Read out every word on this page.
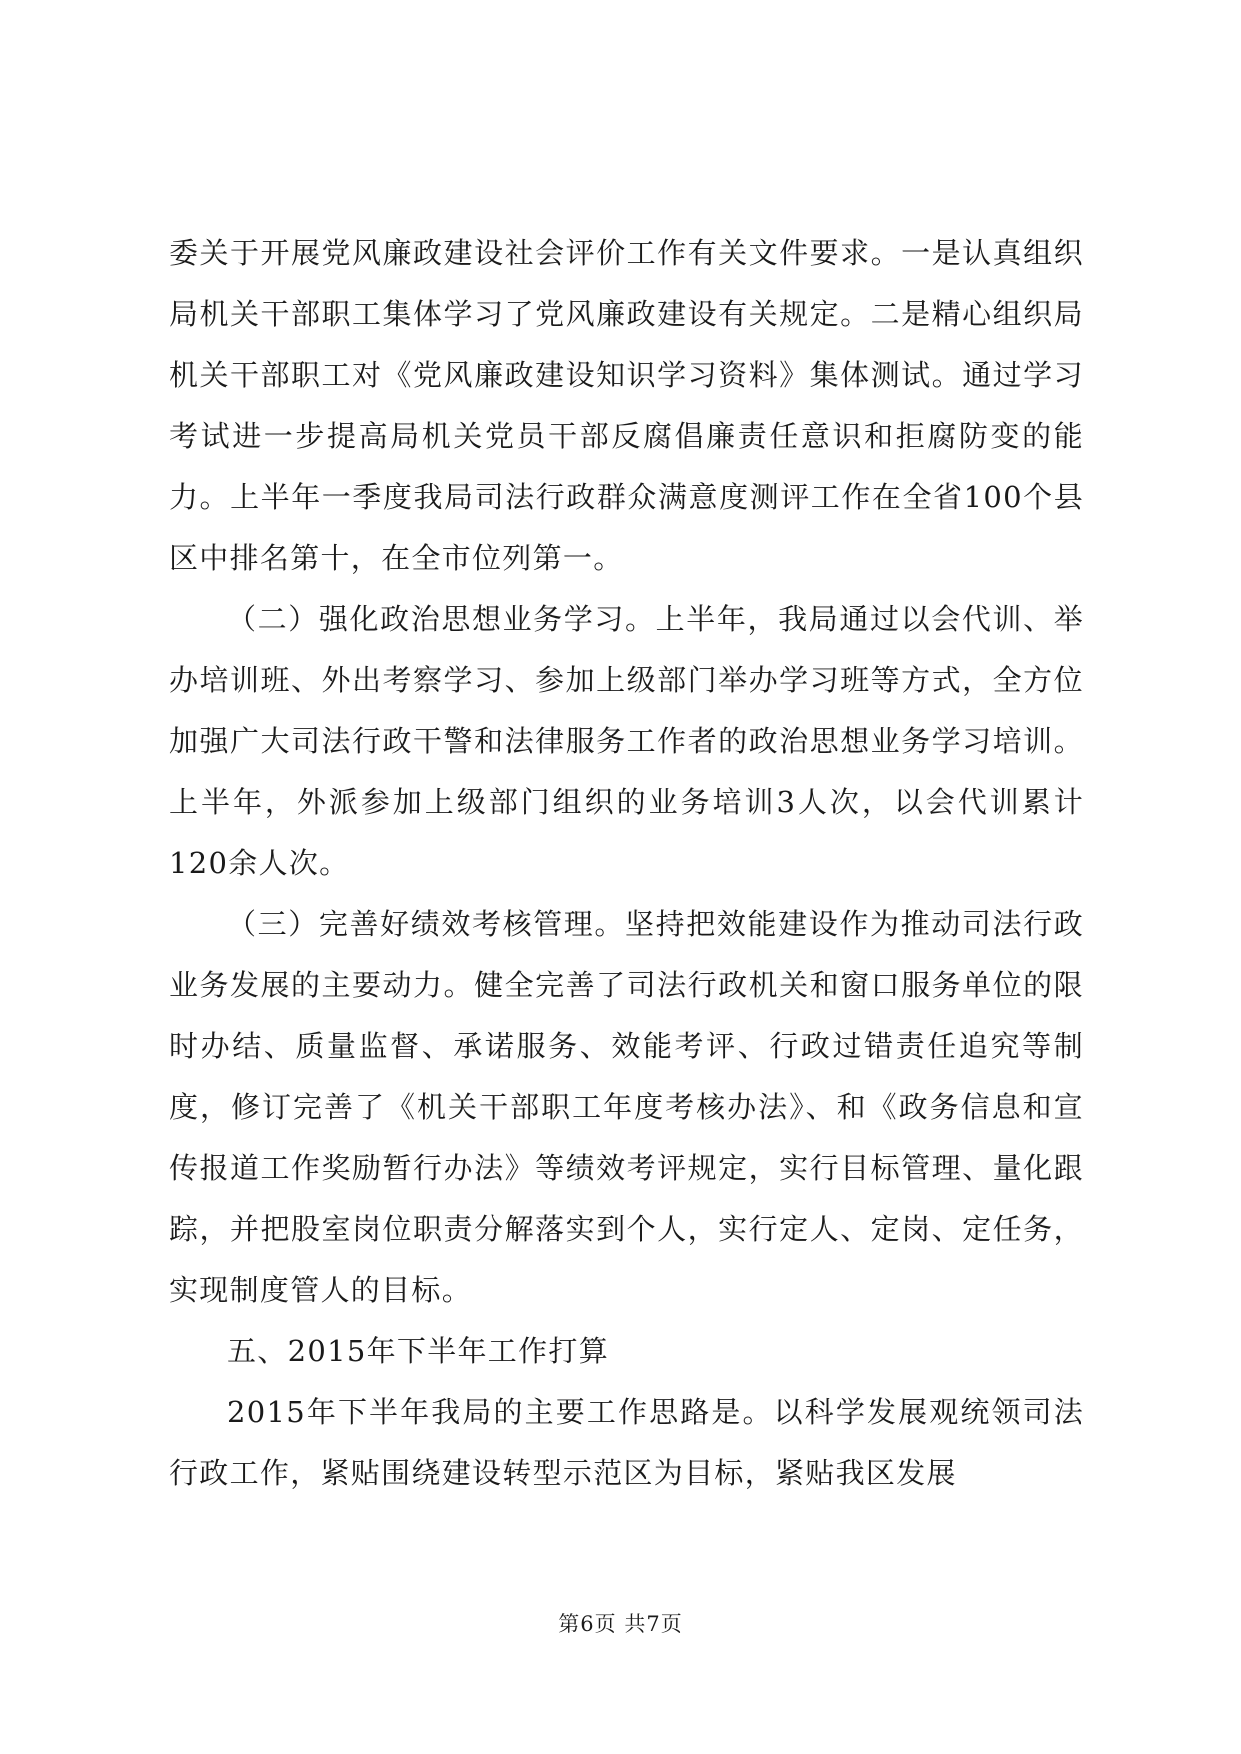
委关于开展党风廉政建设社会评价工作有关文件要求。一是认真组织局机关干部职工集体学习了党风廉政建设有关规定。二是精心组织局机关干部职工对《党风廉政建设知识学习资料》集体测试。通过学习考试进一步提高局机关党员干部反腐倡廉责任意识和拒腐防变的能力。上半年一季度我局司法行政群众满意度测评工作在全省100个县区中排名第十，在全市位列第一。

（二）强化政治思想业务学习。上半年，我局通过以会代训、举办培训班、外出考察学习、参加上级部门举办学习班等方式，全方位加强广大司法行政干警和法律服务工作者的政治思想业务学习培训。上半年，外派参加上级部门组织的业务培训3人次，以会代训累计120余人次。

（三）完善好绩效考核管理。坚持把效能建设作为推动司法行政业务发展的主要动力。健全完善了司法行政机关和窗口服务单位的限时办结、质量监督、承诺服务、效能考评、行政过错责任追究等制度，修订完善了《机关干部职工年度考核办法》、和《政务信息和宣传报道工作奖励暂行办法》等绩效考评规定，实行目标管理、量化跟踪，并把股室岗位职责分解落实到个人，实行定人、定岗、定任务，实现制度管人的目标。

五、2015年下半年工作打算

2015年下半年我局的主要工作思路是。以科学发展观统领司法行政工作，紧贴围绕建设转型示范区为目标，紧贴我区发展

第6页 共7页
